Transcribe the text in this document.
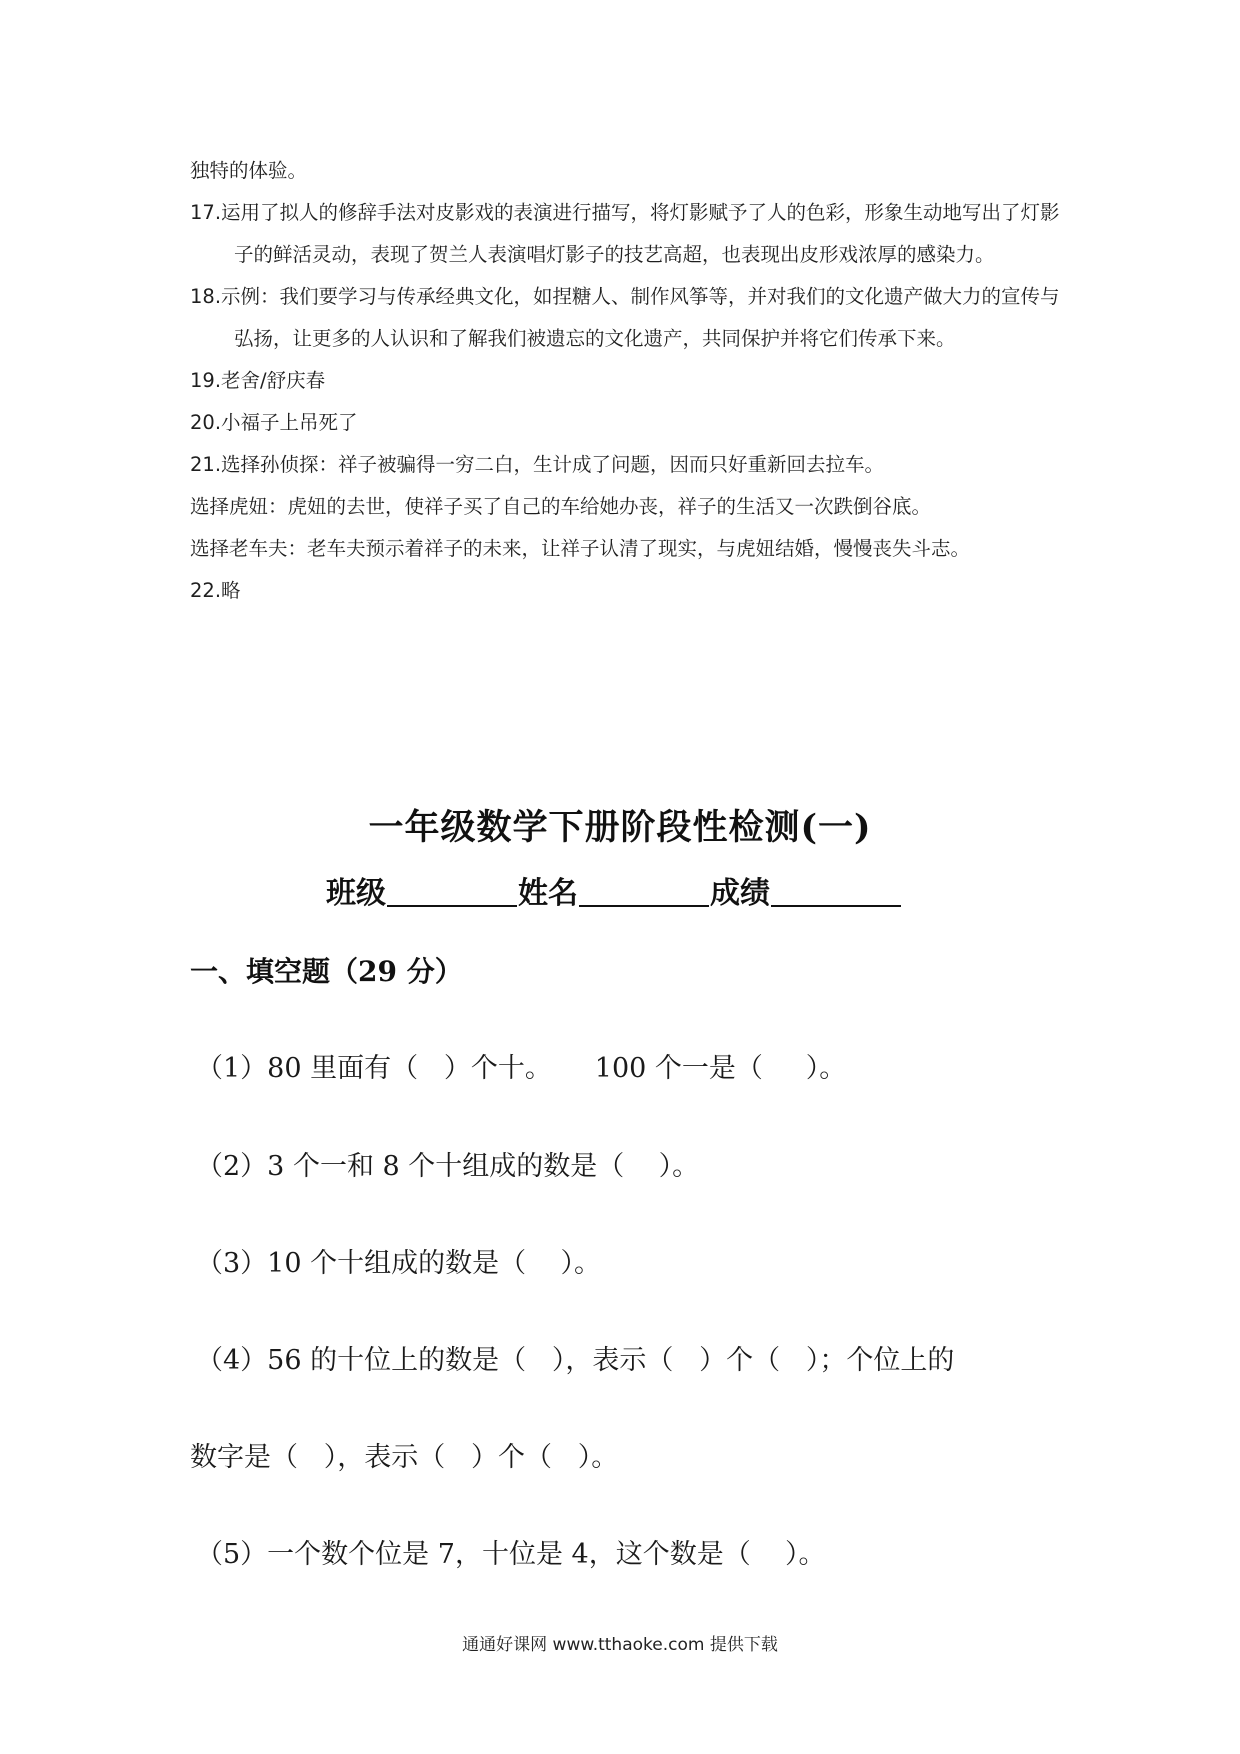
独特的体验。

17.运用了拟人的修辞手法对皮影戏的表演进行描写，将灯影赋予了人的色彩，形象生动地写出了灯影子的鲜活灵动，表现了贺兰人表演唱灯影子的技艺高超，也表现出皮形戏浓厚的感染力。

18.示例：我们要学习与传承经典文化，如捏糖人、制作风筝等，并对我们的文化遗产做大力的宣传与弘扬，让更多的人认识和了解我们被遗忘的文化遗产，共同保护并将它们传承下来。

19.老舍/舒庆春

20.小福子上吊死了

21.选择孙侦探：祥子被骗得一穷二白，生计成了问题，因而只好重新回去拉车。

选择虎妞：虎妞的去世，使祥子买了自己的车给她办丧，祥子的生活又一次跌倒谷底。

选择老车夫：老车夫预示着祥子的未来，让祥子认清了现实，与虎妞结婚，慢慢丧失斗志。

22.略

一年级数学下册阶段性检测(一)
班级	姓名	成绩
一、填空题（29 分）
（1）80 里面有（   ）个十。     100 个一是（     ）。
（2）3 个一和 8 个十组成的数是（    ）。
（3）10 个十组成的数是（    ）。
（4）56 的十位上的数是（   ），表示（   ）个（   ）；个位上的
数字是（   ），表示（   ）个（   ）。
（5）一个数个位是 7，十位是 4，这个数是（    ）。
通通好课网 www.tthaoke.com 提供下载
